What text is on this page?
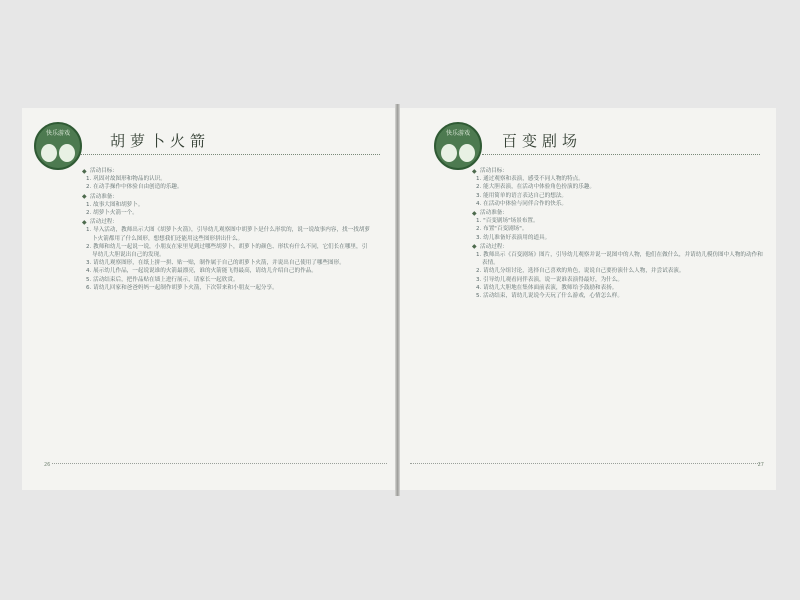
快乐游戏	胡萝卜火箭
◆ 活动目标：
1. 巩固对故图形和物品的认识。
2. 在动手操作中体验自由创造的乐趣。
◆ 活动准备：
1. 故事大图和胡萝卜。
2. 胡萝卜火箭一个。
◆ 活动过程：
1. 导入活动，教师出示大图《胡萝卜火箭》，引导幼儿观察图中胡萝卜是什么形状的，说一说故事内容，找一找胡萝卜火箭都用了什么图形，想想我们还能用这些图形拼出什么。
2. 教师和幼儿一起说一说，小朋友在家里见到过哪些胡萝卜，胡萝卜的颜色、形状有什么不同，它们长在哪里，引导幼儿大胆说出自己的发现。
3. 请幼儿观察图形，在纸上拼一拼、贴一贴，制作属于自己的胡萝卜火箭，并说出自己使用了哪些图形。
4. 展示幼儿作品，一起说说谁的火箭最漂亮，谁的火箭能飞得最高，请幼儿介绍自己的作品。
5. 活动结束后，把作品贴在墙上进行展示，请家长一起欣赏。
6. 请幼儿回家和爸爸妈妈一起制作胡萝卜火箭，下次带来和小朋友一起分享。
26
快乐游戏	百变剧场
◆ 活动目标：
1. 通过观察和表演，感受不同人物的特点。
2. 能大胆表演，在活动中体验角色扮演的乐趣。
3. 能用简单的语言表达自己的想法。
4. 在活动中体验与同伴合作的快乐。
◆ 活动准备：
1. "百变剧场"场景布置。
2. 布置"百变剧场"。
3. 幼儿准备好表演用的道具。
◆ 活动过程：
1. 教师出示《百变剧场》图片，引导幼儿观察并说一说图中的人物，他们在做什么，并请幼儿模仿图中人物的动作和表情。
2. 请幼儿分组讨论，选择自己喜欢的角色，说说自己要扮演什么人物，并尝试表演。
3. 引导幼儿观看同伴表演，说一说谁表演得最好，为什么。
4. 请幼儿大胆地在集体面前表演，教师给予鼓励和表扬。
5. 活动结束，请幼儿说说今天玩了什么游戏，心情怎么样。
27
